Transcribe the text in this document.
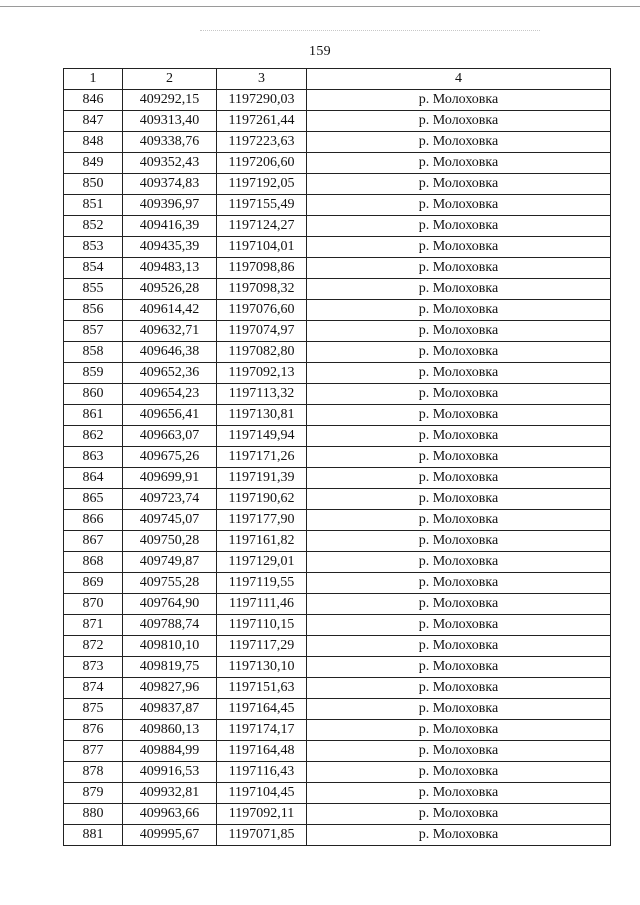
159
1	2	3	4
846	409292,15	1197290,03	р. Молоховка
847	409313,40	1197261,44	р. Молоховка
848	409338,76	1197223,63	р. Молоховка
849	409352,43	1197206,60	р. Молоховка
850	409374,83	1197192,05	р. Молоховка
851	409396,97	1197155,49	р. Молоховка
852	409416,39	1197124,27	р. Молоховка
853	409435,39	1197104,01	р. Молоховка
854	409483,13	1197098,86	р. Молоховка
855	409526,28	1197098,32	р. Молоховка
856	409614,42	1197076,60	р. Молоховка
857	409632,71	1197074,97	р. Молоховка
858	409646,38	1197082,80	р. Молоховка
859	409652,36	1197092,13	р. Молоховка
860	409654,23	1197113,32	р. Молоховка
861	409656,41	1197130,81	р. Молоховка
862	409663,07	1197149,94	р. Молоховка
863	409675,26	1197171,26	р. Молоховка
864	409699,91	1197191,39	р. Молоховка
865	409723,74	1197190,62	р. Молоховка
866	409745,07	1197177,90	р. Молоховка
867	409750,28	1197161,82	р. Молоховка
868	409749,87	1197129,01	р. Молоховка
869	409755,28	1197119,55	р. Молоховка
870	409764,90	1197111,46	р. Молоховка
871	409788,74	1197110,15	р. Молоховка
872	409810,10	1197117,29	р. Молоховка
873	409819,75	1197130,10	р. Молоховка
874	409827,96	1197151,63	р. Молоховка
875	409837,87	1197164,45	р. Молоховка
876	409860,13	1197174,17	р. Молоховка
877	409884,99	1197164,48	р. Молоховка
878	409916,53	1197116,43	р. Молоховка
879	409932,81	1197104,45	р. Молоховка
880	409963,66	1197092,11	р. Молоховка
881	409995,67	1197071,85	р. Молоховка
